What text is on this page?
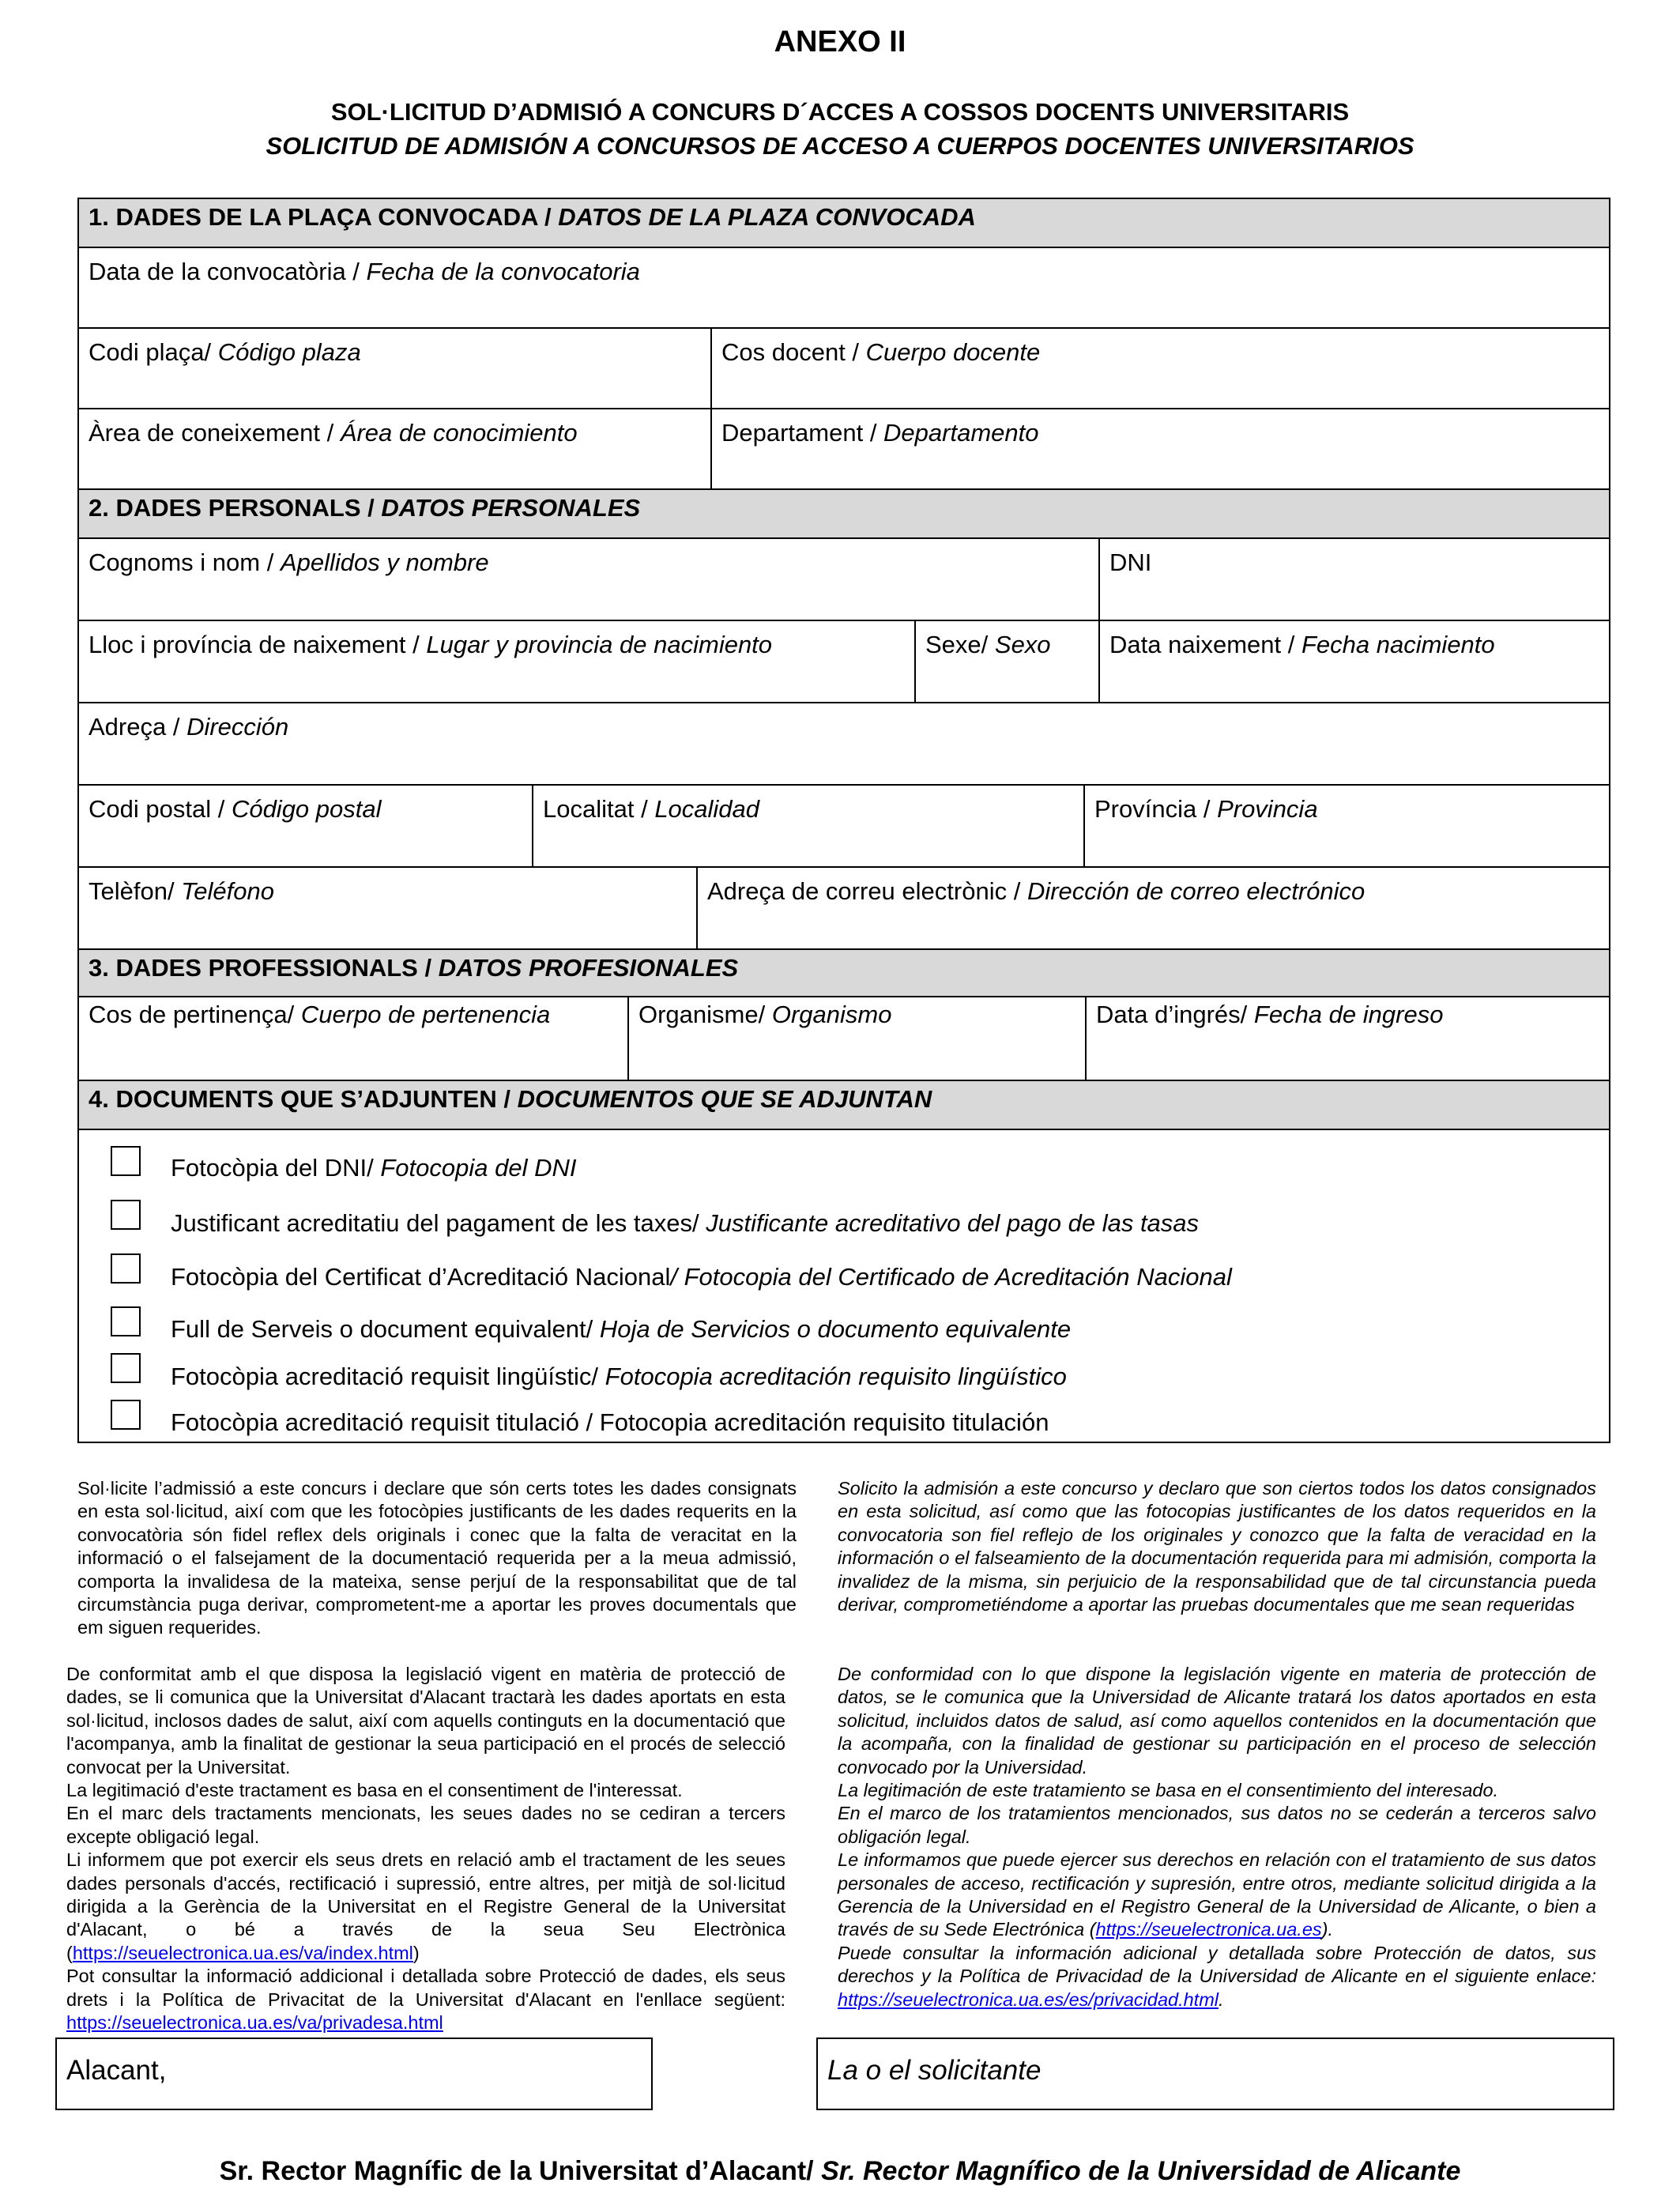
ANEXO II
SOL·LICITUD D’ADMISIÓ A CONCURS D´ACCES A COSSOS DOCENTS UNIVERSITARIS
SOLICITUD DE ADMISIÓN A CONCURSOS DE ACCESO A CUERPOS DOCENTES UNIVERSITARIOS
1. DADES DE LA PLAÇA CONVOCADA / DATOS DE LA PLAZA CONVOCADA
Data de la convocatòria / Fecha de la convocatoria
Codi plaça/ Código plaza	Cos docent / Cuerpo docente
Àrea de coneixement / Área de conocimiento	Departament / Departamento
2. DADES PERSONALS / DATOS PERSONALES
Cognoms i nom / Apellidos y nombre	DNI
Lloc i província de naixement / Lugar y provincia de nacimiento	Sexe/ Sexo	Data naixement / Fecha nacimiento
Adreça / Dirección
Codi postal / Código postal	Localitat / Localidad	Província / Provincia
Telèfon/ Teléfono	Adreça de correu electrònic / Dirección de correo electrónico
3. DADES PROFESSIONALS / DATOS PROFESIONALES
Cos de pertinença/ Cuerpo de pertenencia	Organisme/ Organismo	Data d’ingrés/ Fecha de ingreso
4. DOCUMENTS QUE S’ADJUNTEN / DOCUMENTOS QUE SE ADJUNTAN
Fotocòpia del DNI/ Fotocopia del DNI
Justificant acreditatiu del pagament de les taxes/ Justificante acreditativo del pago de las tasas
Fotocòpia del Certificat d’Acreditació Nacional/ Fotocopia del Certificado de Acreditación Nacional
Full de Serveis o document equivalent/ Hoja de Servicios o documento equivalente
Fotocòpia acreditació requisit lingüístic/ Fotocopia acreditación requisito lingüístico
Fotocòpia acreditació requisit titulació / Fotocopia acreditación requisito titulación
Sol·licite l’admissió a este concurs i declare que són certs totes les dades consignats en esta sol·licitud, així com que les fotocòpies justificants de les dades requerits en la convocatòria són fidel reflex dels originals i conec que la falta de veracitat en la informació o el falsejament de la documentació requerida per a la meua admissió, comporta la invalidesa de la mateixa, sense perjuí de la responsabilitat que de tal circumstància puga derivar, comprometent-me a aportar les proves documentals que em siguen requerides.
Solicito la admisión a este concurso y declaro que son ciertos todos los datos consignados en esta solicitud, así como que las fotocopias justificantes de los datos requeridos en la convocatoria son fiel reflejo de los originales y conozco que la falta de veracidad en la información o el falseamiento de la documentación requerida para mi admisión, comporta la invalidez de la misma, sin perjuicio de la responsabilidad que de tal circunstancia pueda derivar, comprometiéndome a aportar las pruebas documentales que me sean requeridas

De conformitat amb el que disposa la legislació vigent en matèria de protecció de dades, se li comunica que la Universitat d'Alacant tractarà les dades aportats en esta sol·licitud, inclosos dades de salut, així com aquells continguts en la documentació que l'acompanya, amb la finalitat de gestionar la seua participació en el procés de selecció convocat per la Universitat.

La legitimació d'este tractament es basa en el consentiment de l'interessat.

En el marc dels tractaments mencionats, les seues dades no se cediran a tercers excepte obligació legal.

Li informem que pot exercir els seus drets en relació amb el tractament de les seues dades personals d'accés, rectificació i supressió, entre altres, per mitjà de sol·licitud dirigida a la Gerència de la Universitat en el Registre General de la Universitat d'Alacant, o bé a través de la seua Seu Electrònica (https://seuelectronica.ua.es/va/index.html)

Pot consultar la informació addicional i detallada sobre Protecció de dades, els seus drets i la Política de Privacitat de la Universitat d'Alacant en l'enllace següent: https://seuelectronica.ua.es/va/privadesa.html

De conformidad con lo que dispone la legislación vigente en materia de protección de datos, se le comunica que la Universidad de Alicante tratará los datos aportados en esta solicitud, incluidos datos de salud, así como aquellos contenidos en la documentación que la acompaña, con la finalidad de gestionar su participación en el proceso de selección convocado por la Universidad.

La legitimación de este tratamiento se basa en el consentimiento del interesado.

En el marco de los tratamientos mencionados, sus datos no se cederán a terceros salvo obligación legal.

Le informamos que puede ejercer sus derechos en relación con el tratamiento de sus datos personales de acceso, rectificación y supresión, entre otros, mediante solicitud dirigida a la Gerencia de la Universidad en el Registro General de la Universidad de Alicante, o bien a través de su Sede Electrónica (https://seuelectronica.ua.es).

Puede consultar la información adicional y detallada sobre Protección de datos, sus derechos y la Política de Privacidad de la Universidad de Alicante en el siguiente enlace: https://seuelectronica.ua.es/es/privacidad.html.

Alacant,	La o el solicitante
Sr. Rector Magnífic de la Universitat d’Alacant/ Sr. Rector Magnífico de la Universidad de Alicante
